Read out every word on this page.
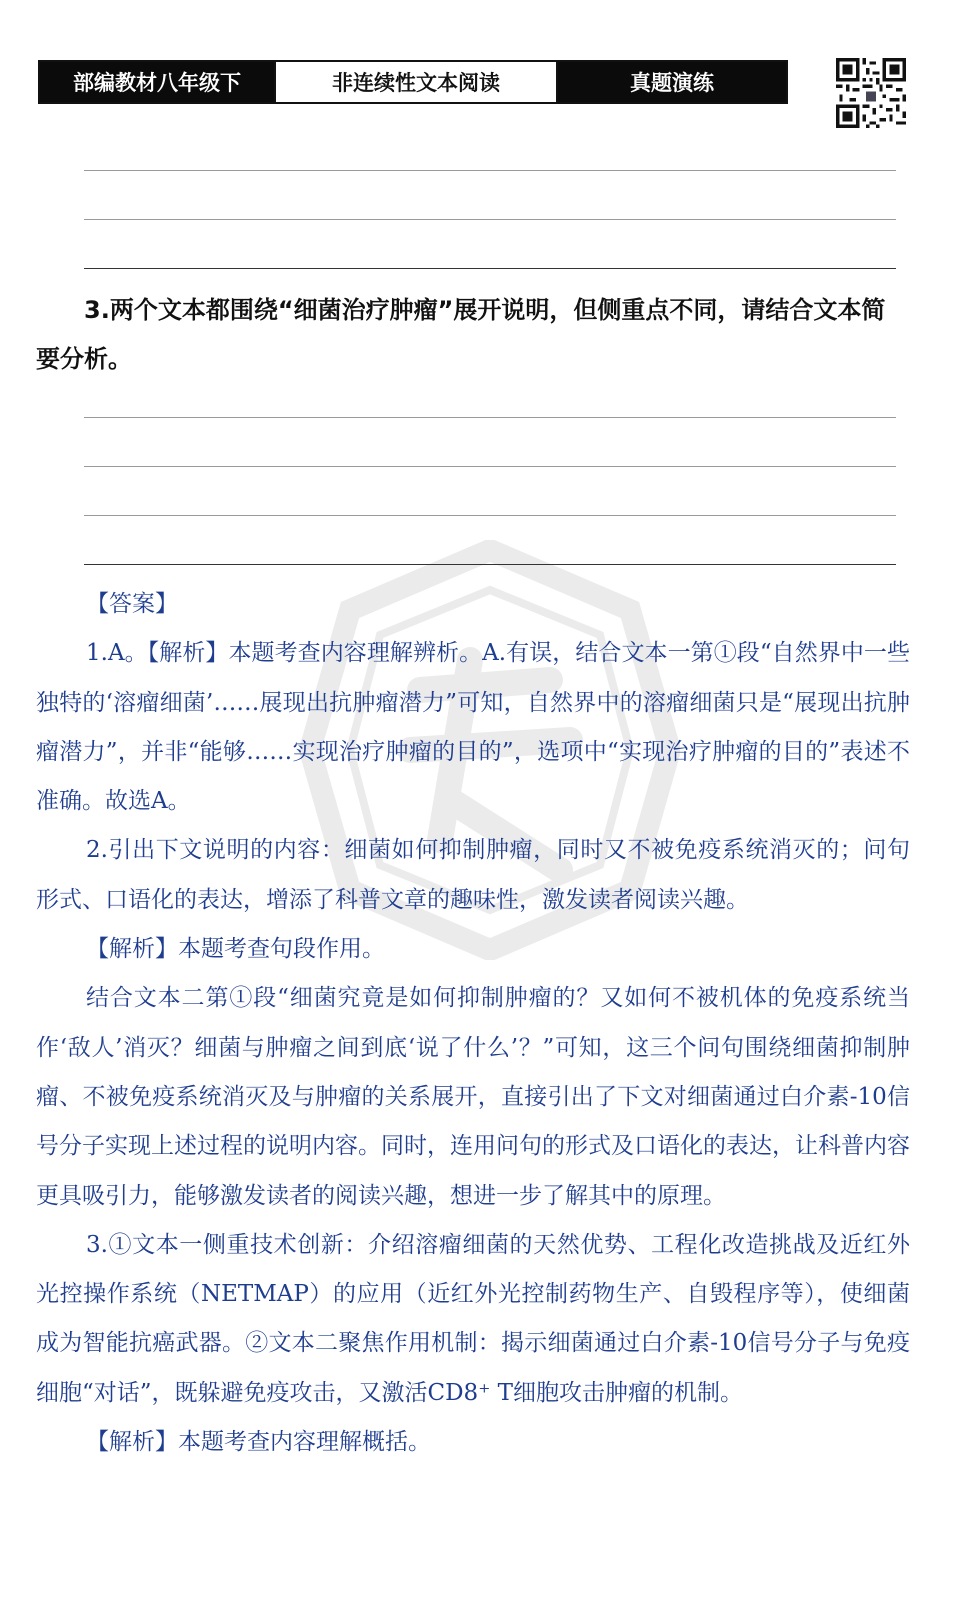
部编教材八年级下	非连续性文本阅读	真题演练

3.两个文本都围绕“细菌治疗肿瘤”展开说明，但侧重点不同，请结合文本简要分析。

【答案】

1.A。【解析】本题考查内容理解辨析。A.有误，结合文本一第①段“自然界中一些独特的‘溶瘤细菌’……展现出抗肿瘤潜力”可知，自然界中的溶瘤细菌只是“展现出抗肿瘤潜力”，并非“能够……实现治疗肿瘤的目的”，选项中“实现治疗肿瘤的目的”表述不准确。故选A。

2.引出下文说明的内容：细菌如何抑制肿瘤，同时又不被免疫系统消灭的；问句形式、口语化的表达，增添了科普文章的趣味性，激发读者阅读兴趣。

【解析】本题考查句段作用。

结合文本二第①段“细菌究竟是如何抑制肿瘤的？又如何不被机体的免疫系统当作‘敌人’消灭？细菌与肿瘤之间到底‘说了什么’？”可知，这三个问句围绕细菌抑制肿瘤、不被免疫系统消灭及与肿瘤的关系展开，直接引出了下文对细菌通过白介素-10信号分子实现上述过程的说明内容。同时，连用问句的形式及口语化的表达，让科普内容更具吸引力，能够激发读者的阅读兴趣，想进一步了解其中的原理。

3.①文本一侧重技术创新：介绍溶瘤细菌的天然优势、工程化改造挑战及近红外光控操作系统（NETMAP）的应用（近红外光控制药物生产、自毁程序等），使细菌成为智能抗癌武器。②文本二聚焦作用机制：揭示细菌通过白介素-10信号分子与免疫细胞“对话”，既躲避免疫攻击，又激活CD8⁺ T细胞攻击肿瘤的机制。

【解析】本题考查内容理解概括。
